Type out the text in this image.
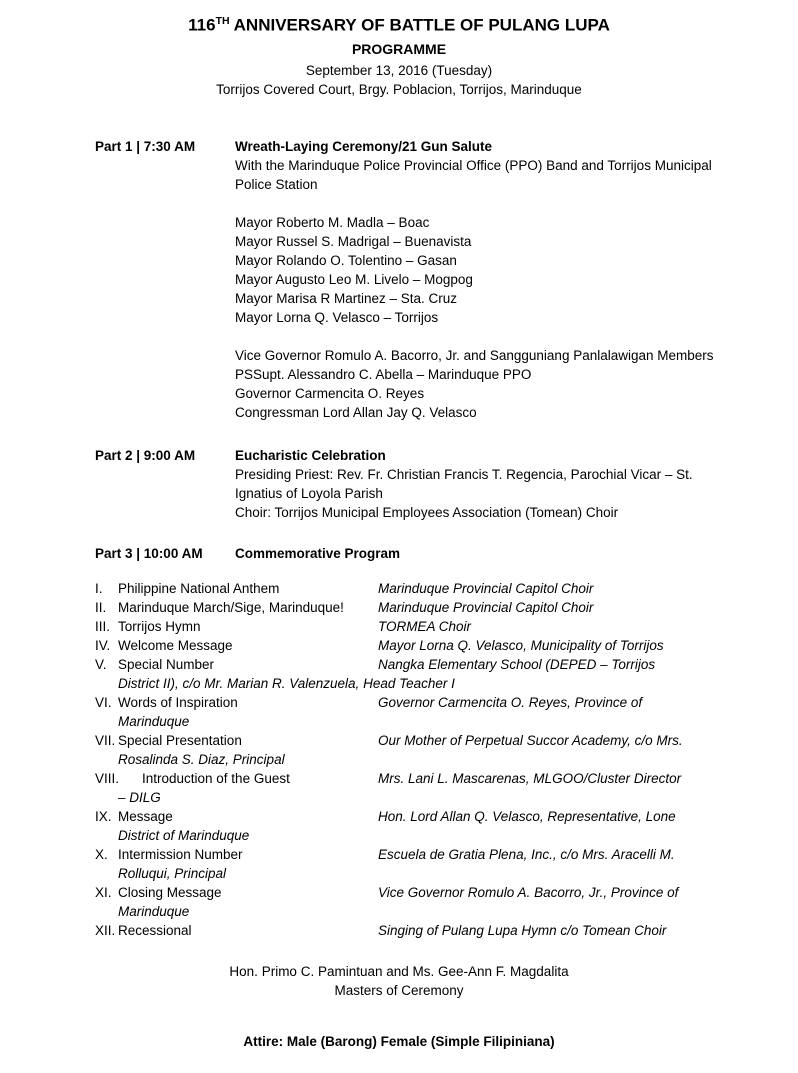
116TH ANNIVERSARY OF BATTLE OF PULANG LUPA
PROGRAMME
September 13, 2016 (Tuesday)
Torrijos Covered Court, Brgy. Poblacion, Torrijos, Marinduque
Part 1 | 7:30 AM	Wreath-Laying Ceremony/21 Gun Salute
With the Marinduque Police Provincial Office (PPO) Band and Torrijos Municipal Police Station
Mayor Roberto M. Madla – Boac
Mayor Russel S. Madrigal – Buenavista
Mayor Rolando O. Tolentino – Gasan
Mayor Augusto Leo M. Livelo – Mogpog
Mayor Marisa R Martinez – Sta. Cruz
Mayor Lorna Q. Velasco – Torrijos
Vice Governor Romulo A. Bacorro, Jr. and Sangguniang Panlalawigan Members
PSSupt. Alessandro C. Abella – Marinduque PPO
Governor Carmencita O. Reyes
Congressman Lord Allan Jay Q. Velasco
Part 2 | 9:00 AM	Eucharistic Celebration
Presiding Priest: Rev. Fr. Christian Francis T. Regencia, Parochial Vicar – St. Ignatius of Loyola Parish
Choir: Torrijos Municipal Employees Association (Tomean) Choir
Part 3 | 10:00 AM	Commemorative Program
I.	Philippine National Anthem	Marinduque Provincial Capitol Choir
II. Marinduque March/Sige, Marinduque!	Marinduque Provincial Capitol Choir
III. Torrijos Hymn	TORMEA Choir
IV. Welcome Message	Mayor Lorna Q. Velasco, Municipality of Torrijos
V. Special Number	Nangka Elementary School (DEPED – Torrijos
District II), c/o Mr. Marian R. Valenzuela, Head Teacher I
VI. Words of Inspiration	Governor Carmencita O. Reyes, Province of
Marinduque
VII. Special Presentation	Our Mother of Perpetual Succor Academy, c/o Mrs.
Rosalinda S. Diaz, Principal
VIII.	Introduction of the Guest	Mrs. Lani L. Mascarenas, MLGOO/Cluster Director
– DILG
IX. Message	Hon. Lord Allan Q. Velasco, Representative, Lone
District of Marinduque
X. Intermission Number	Escuela de Gratia Plena, Inc., c/o Mrs. Aracelli M.
Rolluqui, Principal
XI. Closing Message	Vice Governor Romulo A. Bacorro, Jr., Province of
Marinduque
XII. Recessional	Singing of Pulang Lupa Hymn c/o Tomean Choir
Hon. Primo C. Pamintuan and Ms. Gee-Ann F. Magdalita
Masters of Ceremony
Attire: Male (Barong) Female (Simple Filipiniana)
